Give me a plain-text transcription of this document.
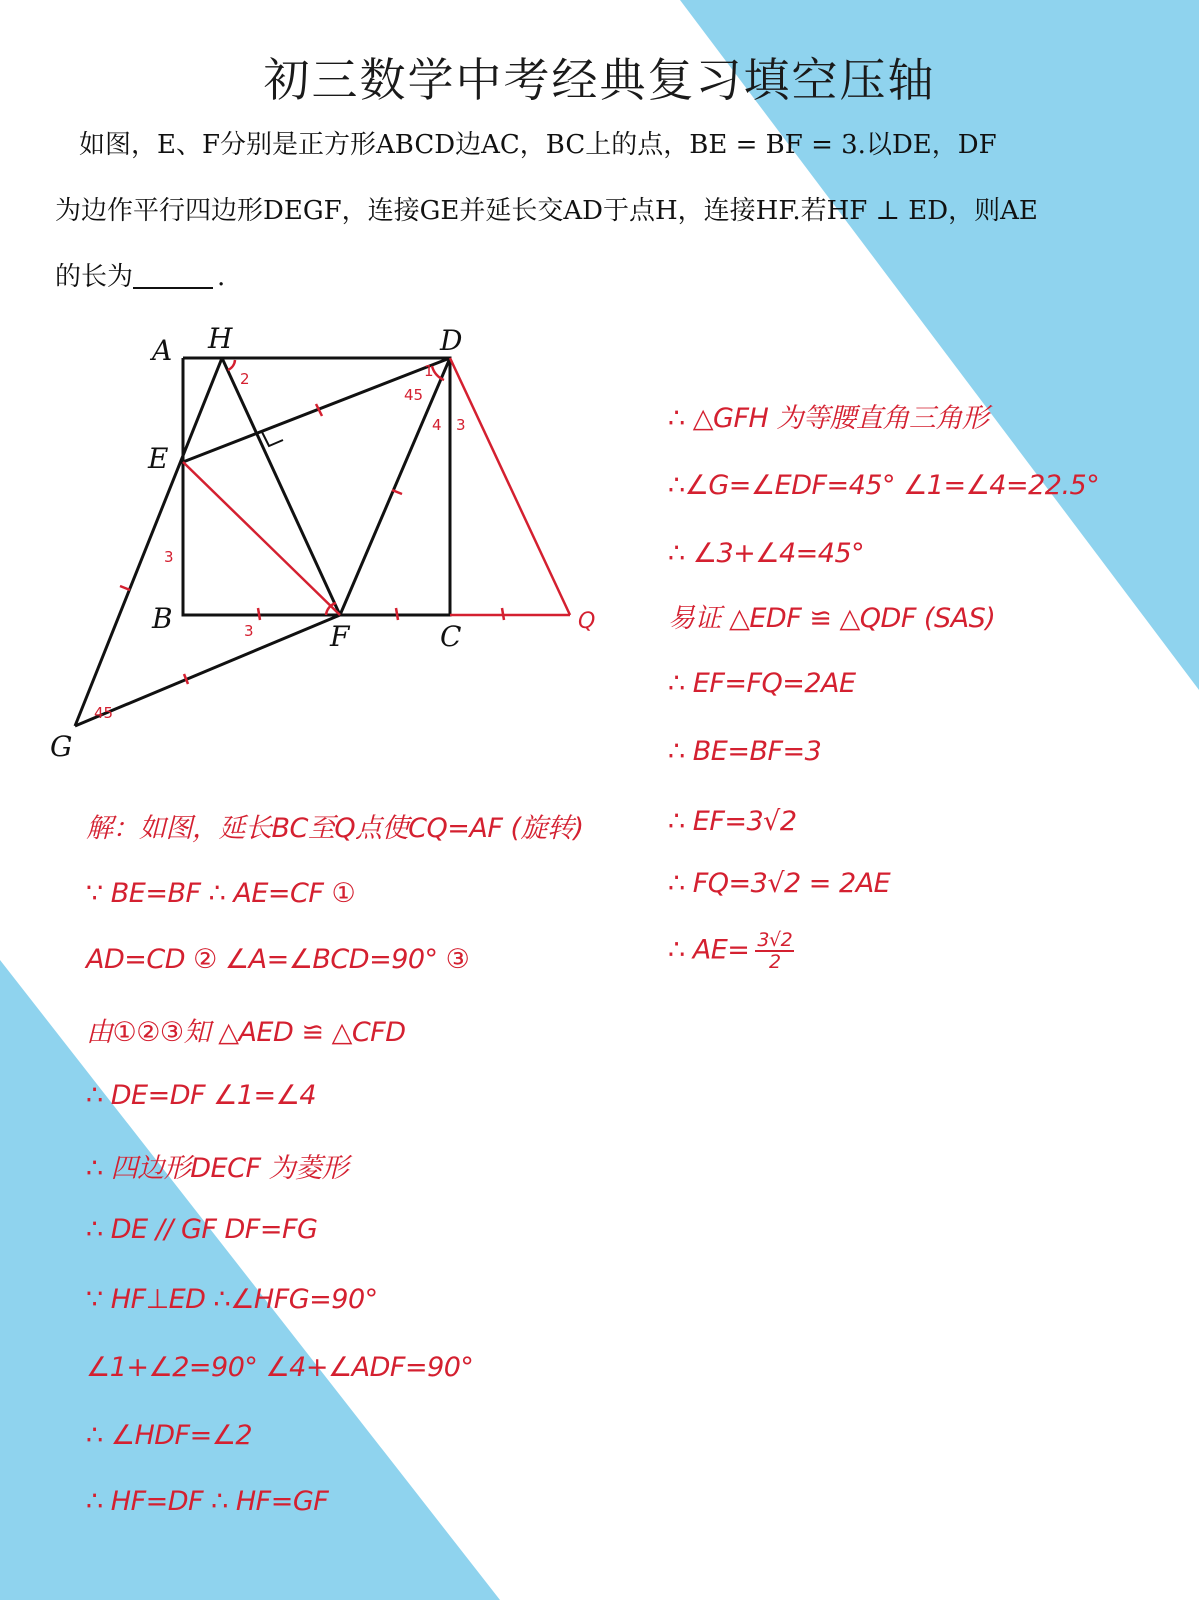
初三数学中考经典复习填空压轴
如图，E、F分别是正方形ABCD边AC，BC上的点，BE = BF = 3.以DE，DF
为边作平行四边形DEGF，连接GE并延长交AD于点H，连接HF.若HF ⊥ ED，则AE
的长为	.
A H	D
E
B
F	C
G
Q
2	1
45
4 3
3
3
45
解：如图，延长BC至Q点使CQ=AF (旋转)
∵ BE=BF ∴ AE=CF ①
AD=CD ② ∠A=∠BCD=90° ③
由①②③知 △AED ≌ △CFD
∴ DE=DF ∠1=∠4
∴ 四边形DECF 为菱形
∴ DE // GF DF=FG
∵ HF⊥ED ∴∠HFG=90°
∠1+∠2=90° ∠4+∠ADF=90°
∴ ∠HDF=∠2
∴ HF=DF ∴ HF=GF
∴ △GFH 为等腰直角三角形
∴∠G=∠EDF=45° ∠1=∠4=22.5°
∴ ∠3+∠4=45°
易证 △EDF ≌ △QDF (SAS)
∴ EF=FQ=2AE
∴ BE=BF=3
∴ EF=3√2
∴ FQ=3√2 = 2AE
∴ $AE= \frac{3√2}{2}$
